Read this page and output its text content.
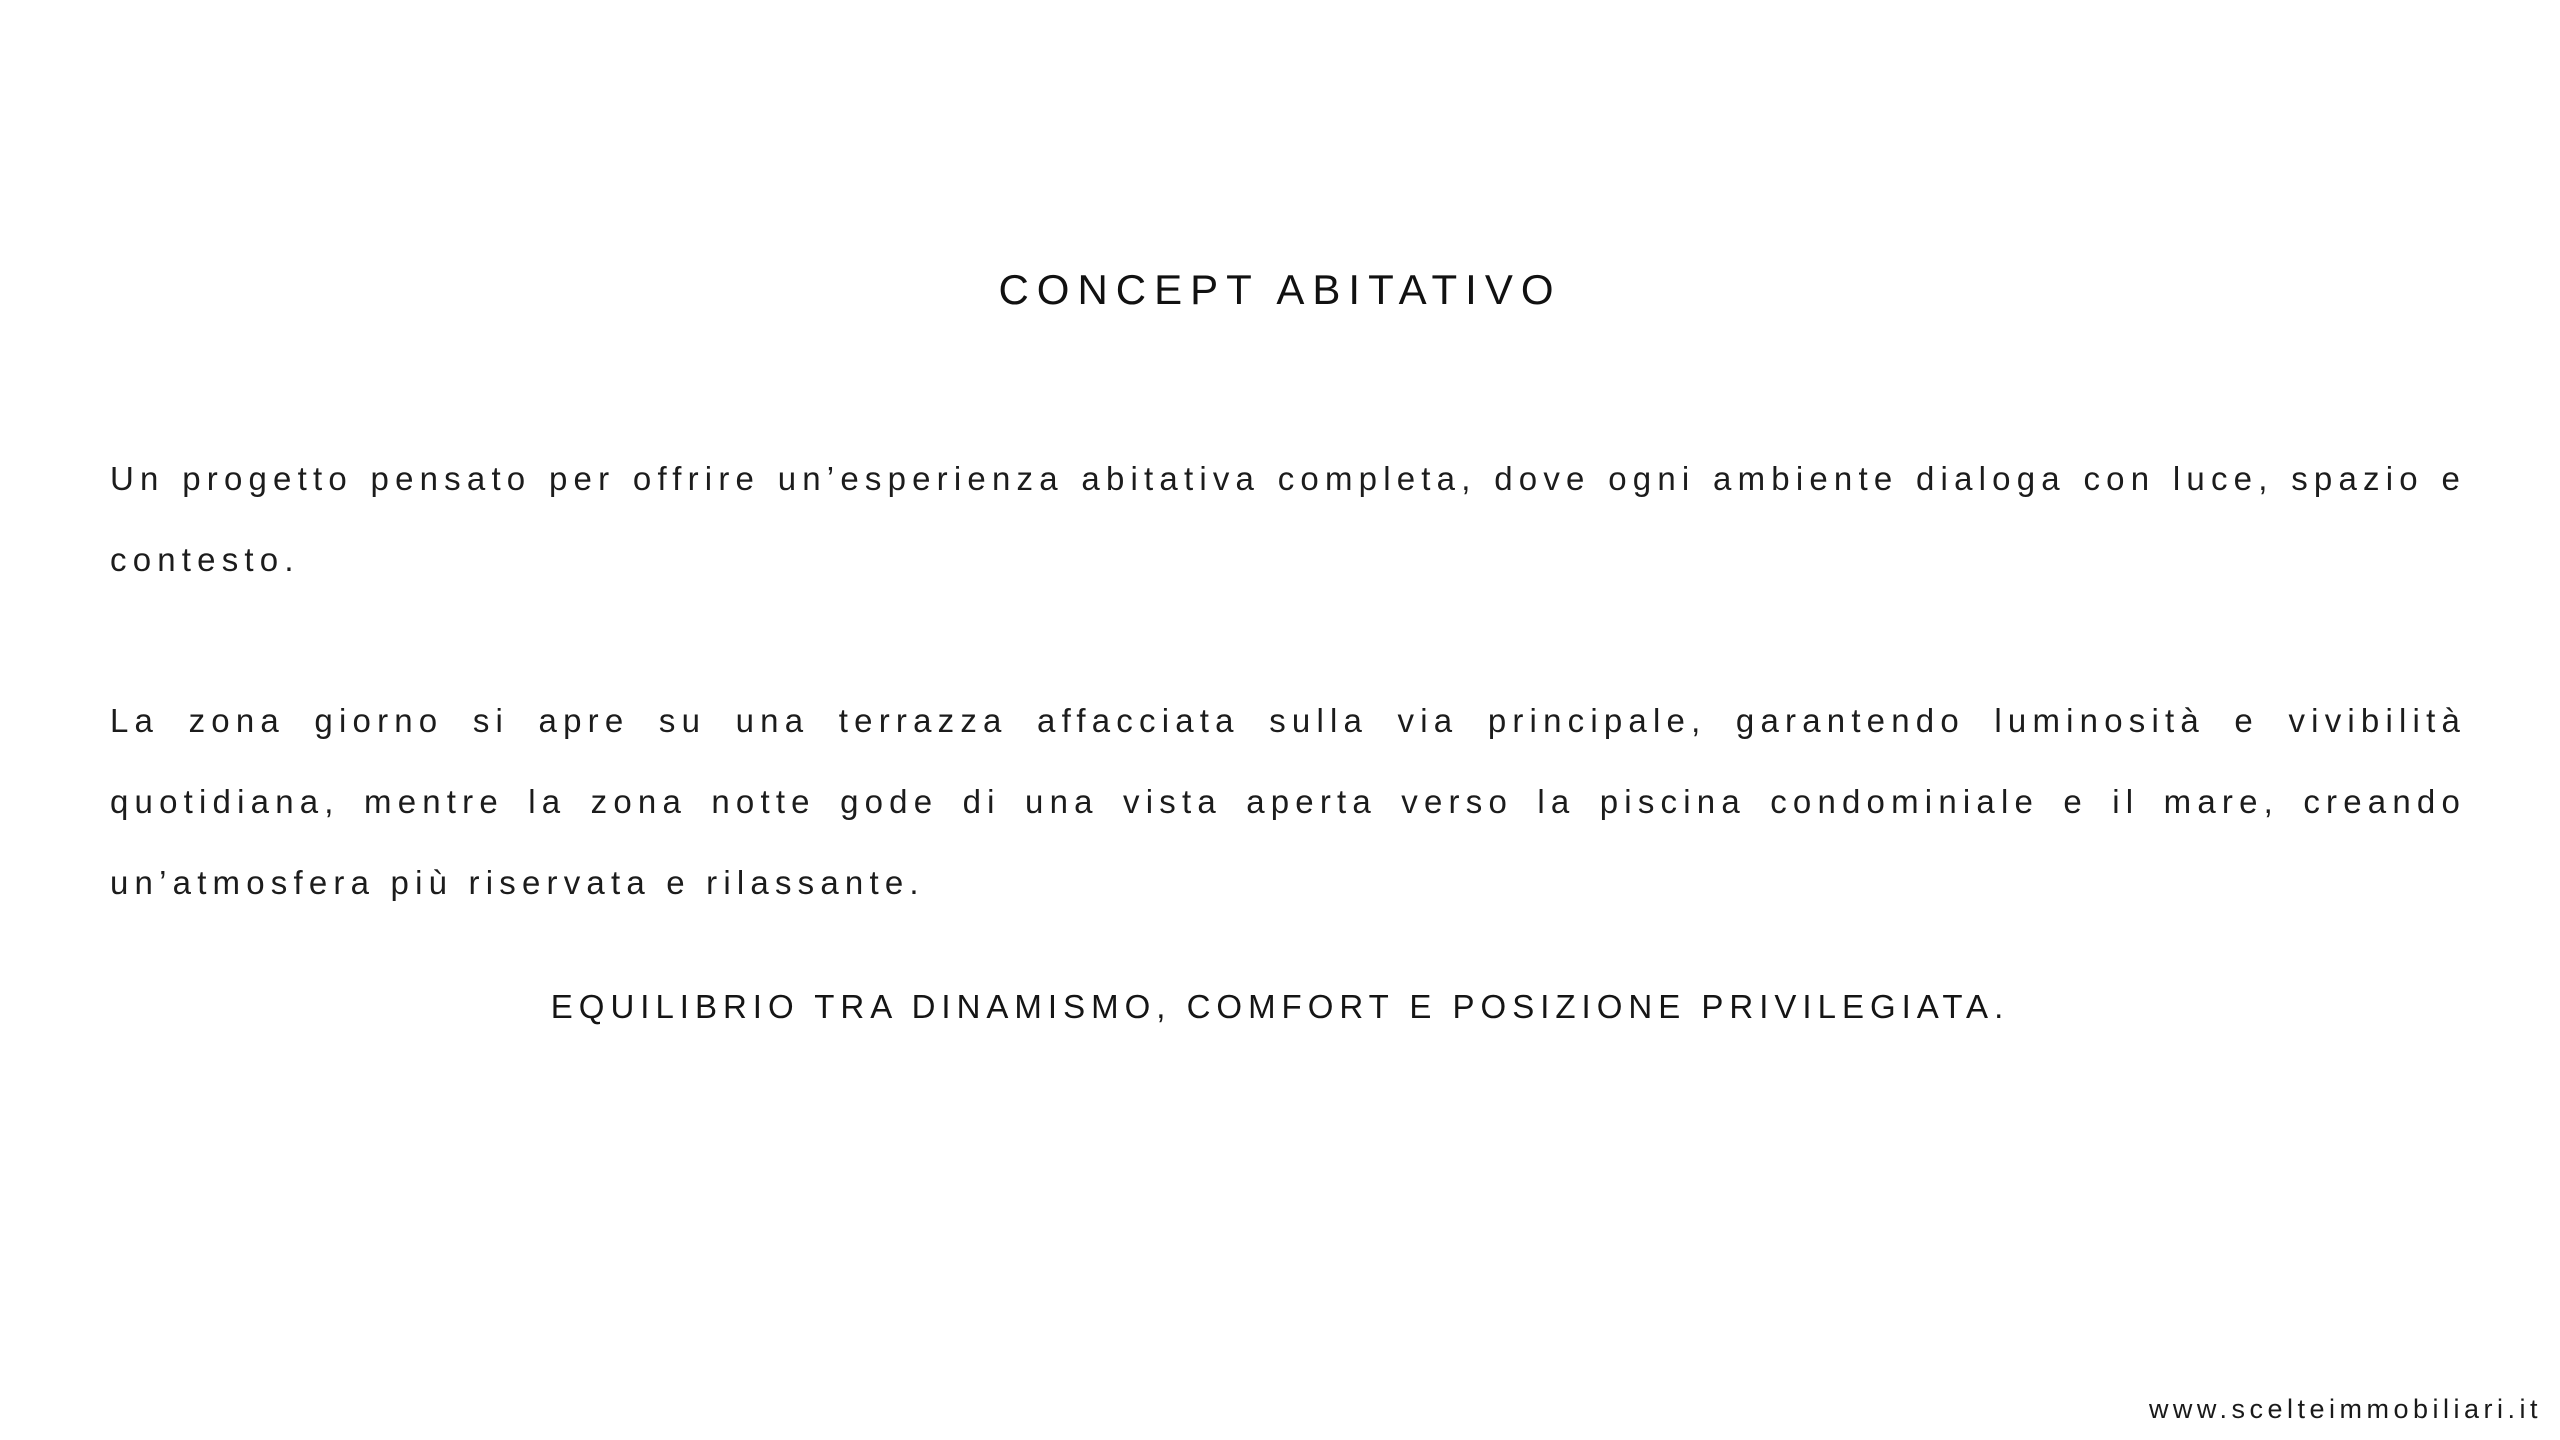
CONCEPT ABITATIVO

Un progetto pensato per offrire un’esperienza abitativa completa, dove ogni ambiente dialoga con luce, spazio e contesto.

La zona giorno si apre su una terrazza affacciata sulla via principale, garantendo luminosità e vivibilità quotidiana, mentre la zona notte gode di una vista aperta verso la piscina condominiale e il mare, creando un’atmosfera più riservata e rilassante.

EQUILIBRIO TRA DINAMISMO, COMFORT E POSIZIONE PRIVILEGIATA.
www.scelteimmobiliari.it
